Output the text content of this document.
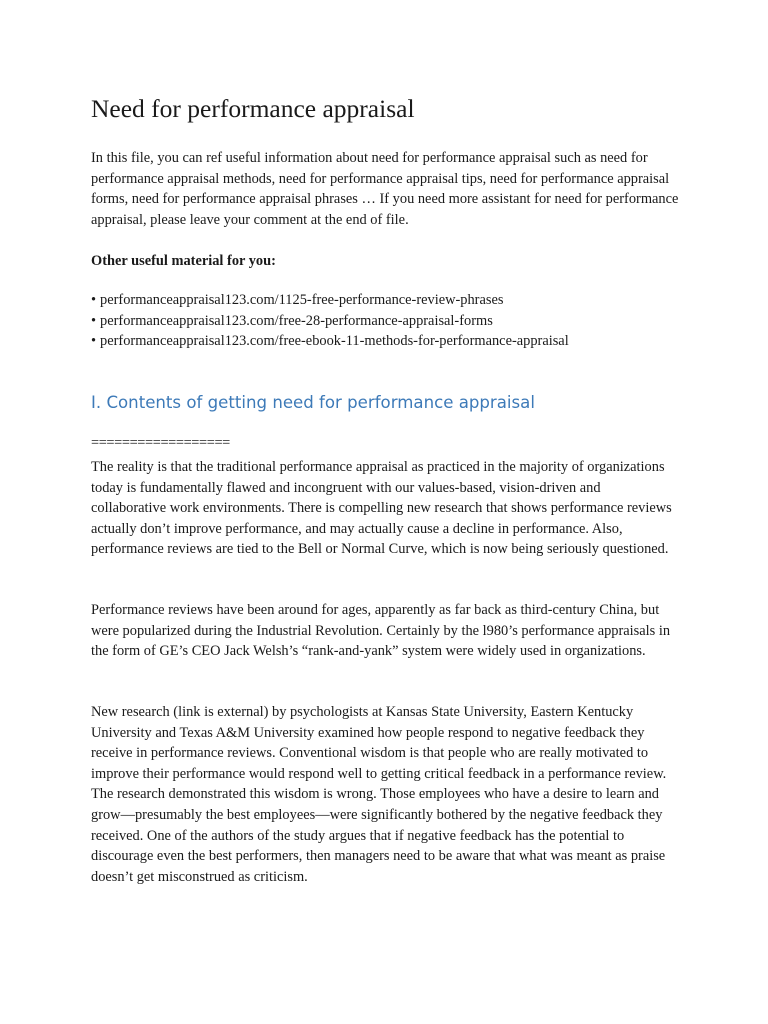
Need for performance appraisal

In this file, you can ref useful information about need for performance appraisal such as need for performance appraisal methods, need for performance appraisal tips, need for performance appraisal forms, need for performance appraisal phrases … If you need more assistant for need for performance appraisal, please leave your comment at the end of file.

Other useful material for you:

• performanceappraisal123.com/1125-free-performance-review-phrases
• performanceappraisal123.com/free-28-performance-appraisal-forms
• performanceappraisal123.com/free-ebook-11-methods-for-performance-appraisal
I. Contents of getting need for performance appraisal

==================

The reality is that the traditional performance appraisal as practiced in the majority of organizations today is fundamentally flawed and incongruent with our values-based, vision-driven and collaborative work environments. There is compelling new research that shows performance reviews actually don’t improve performance, and may actually cause a decline in performance. Also, performance reviews are tied to the Bell or Normal Curve, which is now being seriously questioned.

Performance reviews have been around for ages, apparently as far back as third-century China, but were popularized during the Industrial Revolution. Certainly by the l980’s performance appraisals in the form of GE’s CEO Jack Welsh’s “rank-and-yank” system were widely used in organizations.

New research (link is external) by psychologists at Kansas State University, Eastern Kentucky University and Texas A&M University examined how people respond to negative feedback they receive in performance reviews. Conventional wisdom is that people who are really motivated to improve their performance would respond well to getting critical feedback in a performance review. The research demonstrated this wisdom is wrong. Those employees who have a desire to learn and grow—presumably the best employees—were significantly bothered by the negative feedback they received. One of the authors of the study argues that if negative feedback has the potential to discourage even the best performers, then managers need to be aware that what was meant as praise doesn’t get misconstrued as criticism.
